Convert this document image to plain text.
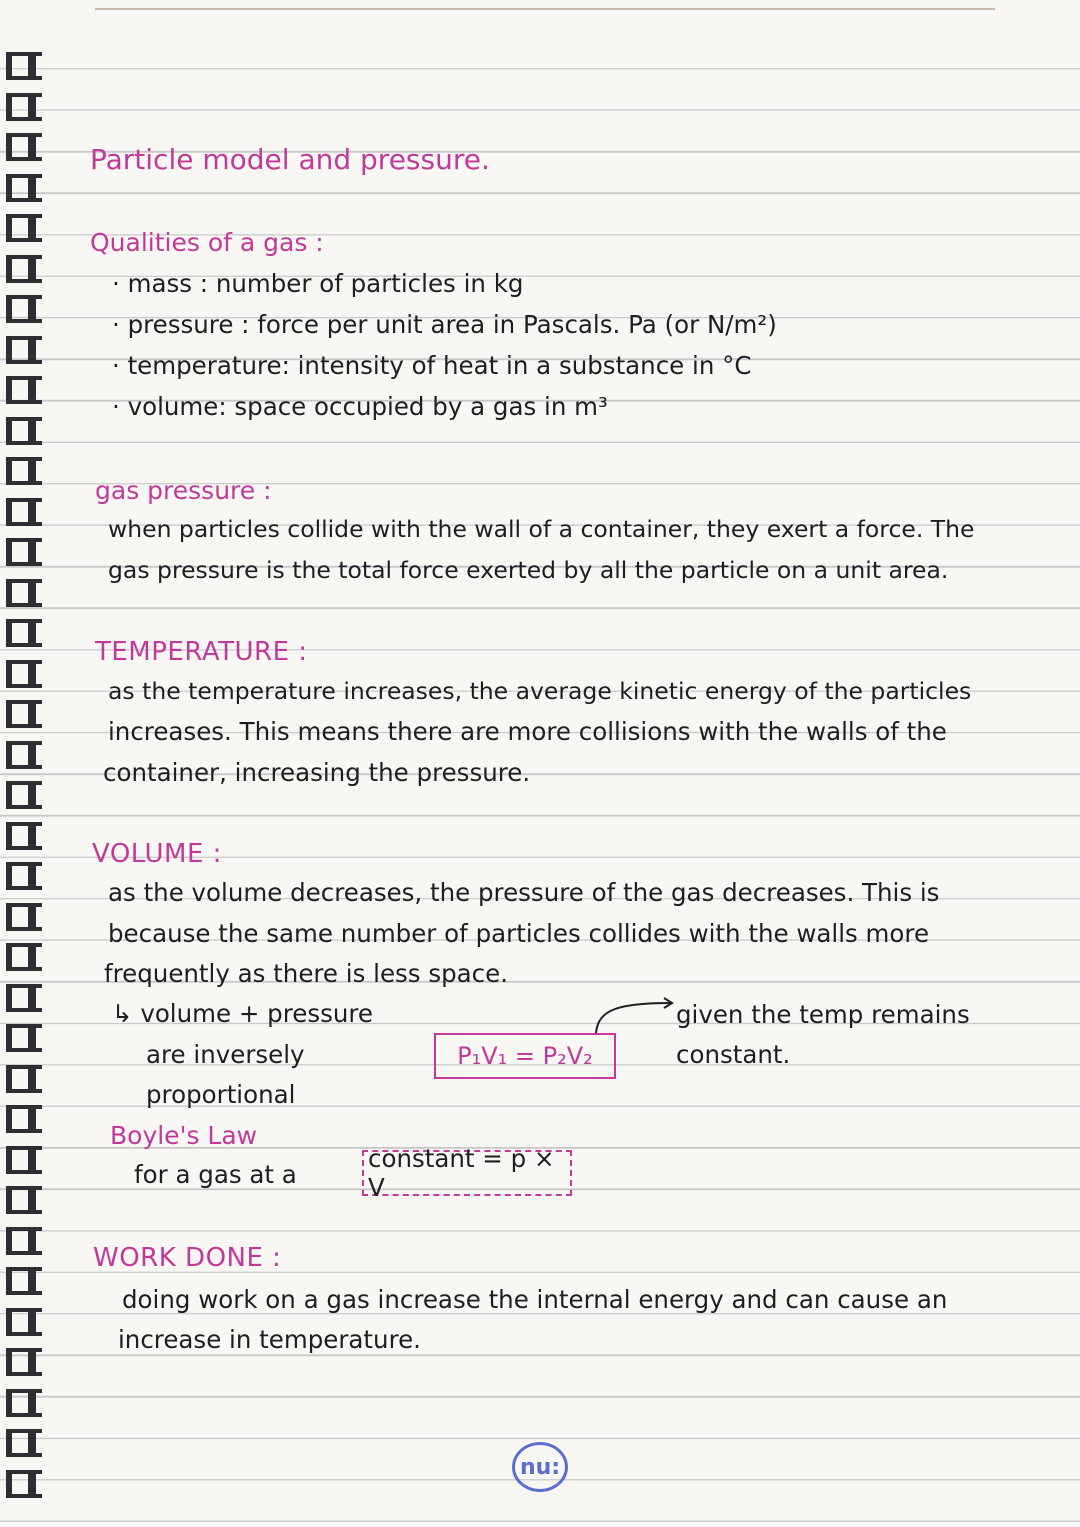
Particle model and pressure.
Qualities of a gas :
· mass : number of particles in kg
· pressure : force per unit area in Pascals. Pa (or N/m²)
· temperature: intensity of heat in a substance in °C
· volume: space occupied by a gas in m³
gas pressure :
when particles collide with the wall of a container, they exert a force. The
gas pressure is the total force exerted by all the particle on a unit area.
TEMPERATURE :
as the temperature increases, the average kinetic energy of the particles
increases. This means there are more collisions with the walls of the
container, increasing the pressure.
VOLUME :
as the volume decreases, the pressure of the gas decreases. This is
because the same number of particles collides with the walls more
frequently as there is less space.
↳ volume + pressure
are inversely
proportional
P₁V₁ = P₂V₂
given the temp remains
constant.
Boyle's Law
for a gas at a
constant = p × V
WORK DONE :
doing work on a gas increase the internal energy and can cause an
increase in temperature.
nu:
